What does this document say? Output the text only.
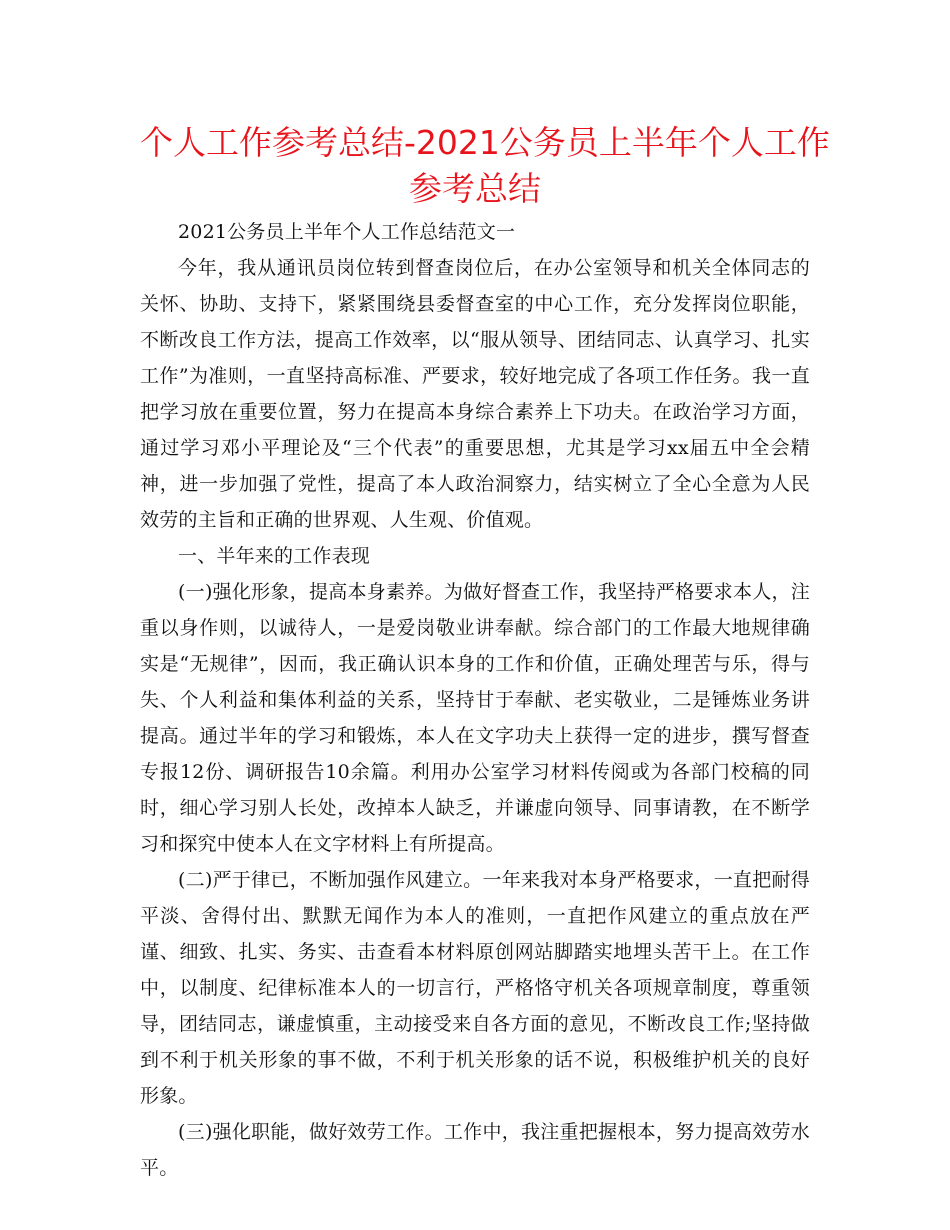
个人工作参考总结-2021公务员上半年个人工作
参考总结

2021公务员上半年个人工作总结范文一

今年，我从通讯员岗位转到督查岗位后，在办公室领导和机关全体同志的关怀、协助、支持下，紧紧围绕县委督查室的中心工作，充分发挥岗位职能，不断改良工作方法，提高工作效率，以“服从领导、团结同志、认真学习、扎实工作”为准则，一直坚持高标准、严要求，较好地完成了各项工作任务。我一直把学习放在重要位置，努力在提高本身综合素养上下功夫。在政治学习方面，通过学习邓小平理论及“三个代表”的重要思想，尤其是学习xx届五中全会精神，进一步加强了党性，提高了本人政治洞察力，结实树立了全心全意为人民效劳的主旨和正确的世界观、人生观、价值观。

一、半年来的工作表现

(一)强化形象，提高本身素养。为做好督查工作，我坚持严格要求本人，注重以身作则，以诚待人，一是爱岗敬业讲奉献。综合部门的工作最大地规律确实是“无规律”，因而，我正确认识本身的工作和价值，正确处理苦与乐，得与失、个人利益和集体利益的关系，坚持甘于奉献、老实敬业，二是锤炼业务讲提高。通过半年的学习和锻炼，本人在文字功夫上获得一定的进步，撰写督查专报12份、调研报告10余篇。利用办公室学习材料传阅或为各部门校稿的同时，细心学习别人长处，改掉本人缺乏，并谦虚向领导、同事请教，在不断学习和探究中使本人在文字材料上有所提高。

(二)严于律已，不断加强作风建立。一年来我对本身严格要求，一直把耐得平淡、舍得付出、默默无闻作为本人的准则，一直把作风建立的重点放在严谨、细致、扎实、务实、击查看本材料原创网站脚踏实地埋头苦干上。在工作中，以制度、纪律标准本人的一切言行，严格恪守机关各项规章制度，尊重领导，团结同志，谦虚慎重，主动接受来自各方面的意见，不断改良工作;坚持做到不利于机关形象的事不做，不利于机关形象的话不说，积极维护机关的良好形象。

(三)强化职能，做好效劳工作。工作中，我注重把握根本，努力提高效劳水平。
